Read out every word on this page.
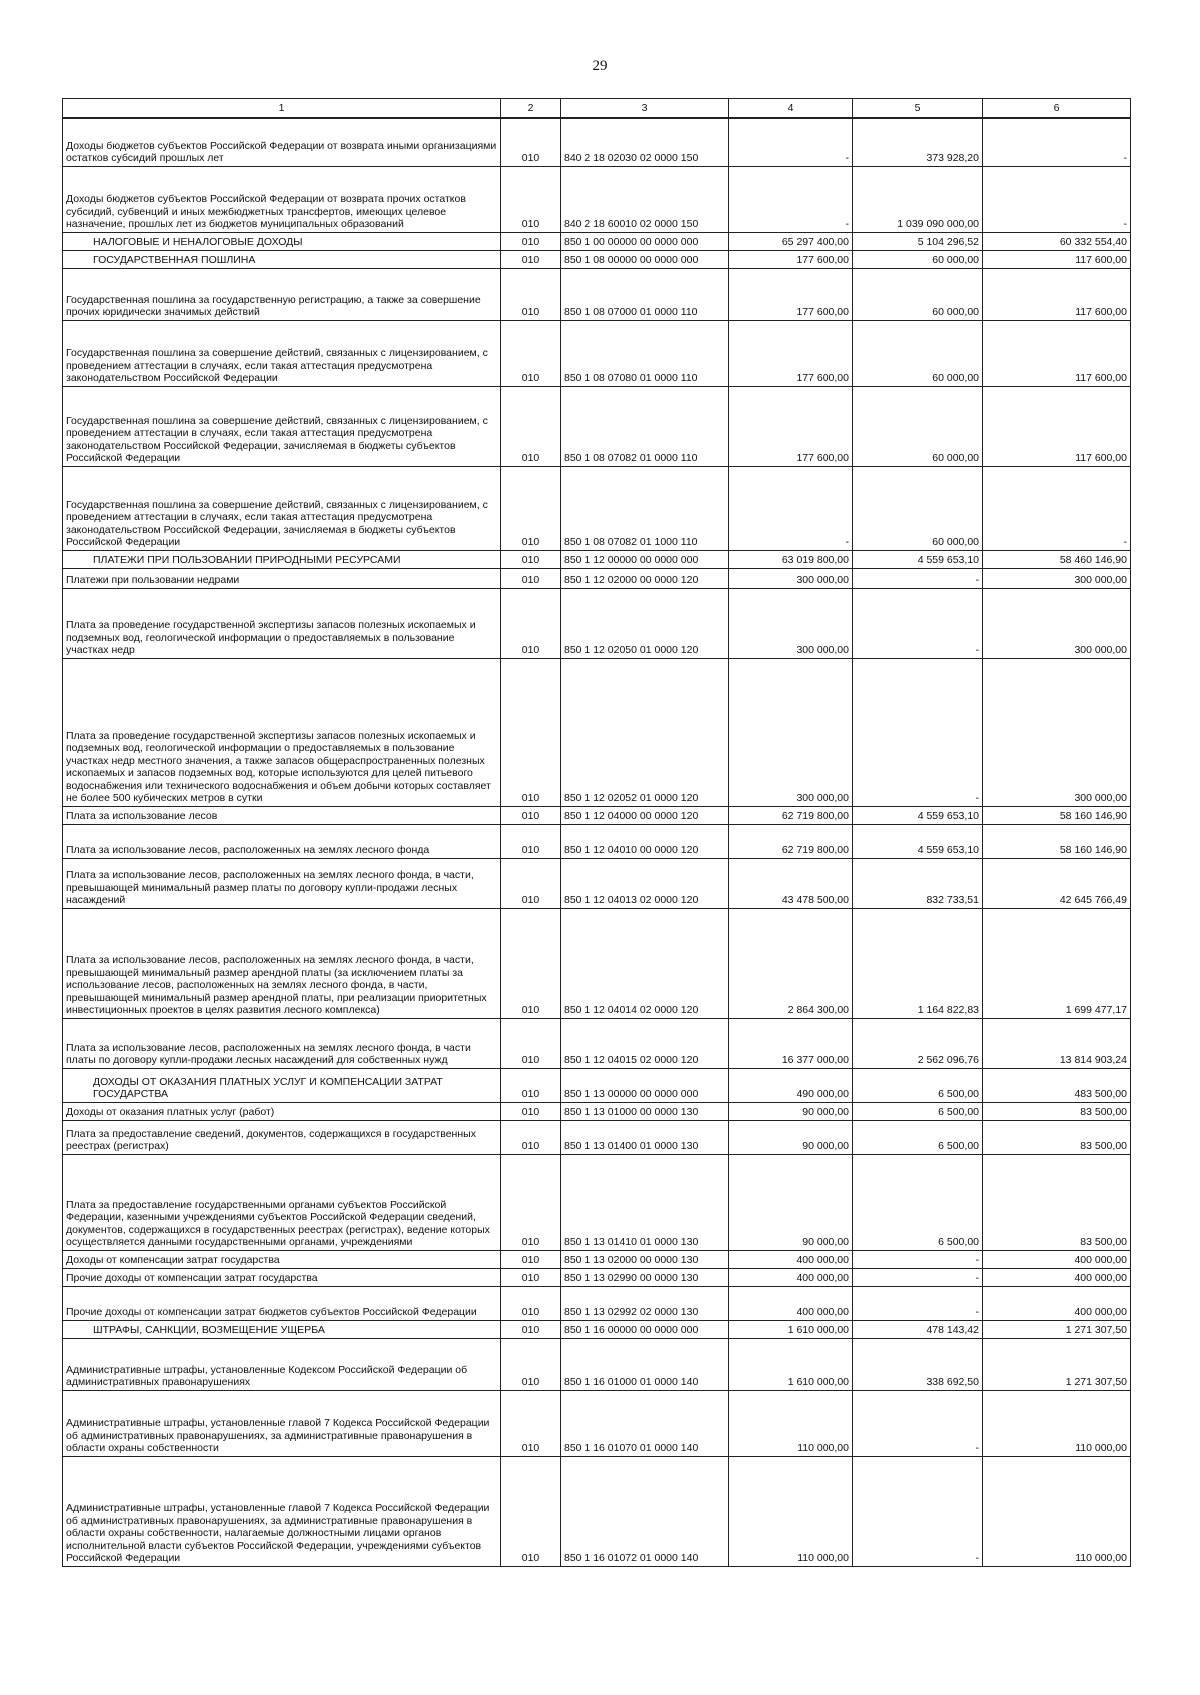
29
1	2	3	4	5	6
Доходы бюджетов субъектов Российской Федерации от возврата иными организациями остатков субсидий прошлых лет	010	840 2 18 02030 02 0000 150	-	373 928,20	-
Доходы бюджетов субъектов Российской Федерации от возврата прочих остатков субсидий, субвенций и иных межбюджетных трансфертов, имеющих целевое назначение, прошлых лет из бюджетов муниципальных образований	010	840 2 18 60010 02 0000 150	-	1 039 090 000,00	-
НАЛОГОВЫЕ И НЕНАЛОГОВЫЕ ДОХОДЫ	010	850 1 00 00000 00 0000 000	65 297 400,00	5 104 296,52	60 332 554,40
ГОСУДАРСТВЕННАЯ ПОШЛИНА	010	850 1 08 00000 00 0000 000	177 600,00	60 000,00	117 600,00
Государственная пошлина за государственную регистрацию, а также за совершение прочих юридически значимых действий	010	850 1 08 07000 01 0000 110	177 600,00	60 000,00	117 600,00
Государственная пошлина за совершение действий, связанных с лицензированием, с проведением аттестации в случаях, если такая аттестация предусмотрена законодательством Российской Федерации	010	850 1 08 07080 01 0000 110	177 600,00	60 000,00	117 600,00
Государственная пошлина за совершение действий, связанных с лицензированием, с проведением аттестации в случаях, если такая аттестация предусмотрена законодательством Российской Федерации, зачисляемая в бюджеты субъектов Российской Федерации	010	850 1 08 07082 01 0000 110	177 600,00	60 000,00	117 600,00
Государственная пошлина за совершение действий, связанных с лицензированием, с проведением аттестации в случаях, если такая аттестация предусмотрена законодательством Российской Федерации, зачисляемая в бюджеты субъектов Российской Федерации	010	850 1 08 07082 01 1000 110	-	60 000,00	-
ПЛАТЕЖИ ПРИ ПОЛЬЗОВАНИИ ПРИРОДНЫМИ РЕСУРСАМИ	010	850 1 12 00000 00 0000 000	63 019 800,00	4 559 653,10	58 460 146,90
Платежи при пользовании недрами	010	850 1 12 02000 00 0000 120	300 000,00	-	300 000,00
Плата за проведение государственной экспертизы запасов полезных ископаемых и подземных вод, геологической информации о предоставляемых в пользование участках недр	010	850 1 12 02050 01 0000 120	300 000,00	-	300 000,00
Плата за проведение государственной экспертизы запасов полезных ископаемых и подземных вод, геологической информации о предоставляемых в пользование участках недр местного значения, а также запасов общераспространенных полезных ископаемых и запасов подземных вод, которые используются для целей питьевого водоснабжения или технического водоснабжения и объем добычи которых составляет не более 500 кубических метров в сутки	010	850 1 12 02052 01 0000 120	300 000,00	-	300 000,00
Плата за использование лесов	010	850 1 12 04000 00 0000 120	62 719 800,00	4 559 653,10	58 160 146,90
Плата за использование лесов, расположенных на землях лесного фонда	010	850 1 12 04010 00 0000 120	62 719 800,00	4 559 653,10	58 160 146,90
Плата за использование лесов, расположенных на землях лесного фонда, в части, превышающей минимальный размер платы по договору купли-продажи лесных насаждений	010	850 1 12 04013 02 0000 120	43 478 500,00	832 733,51	42 645 766,49
Плата за использование лесов, расположенных на землях лесного фонда, в части, превышающей минимальный размер арендной платы (за исключением платы за использование лесов, расположенных на землях лесного фонда, в части, превышающей минимальный размер арендной платы, при реализации приоритетных инвестиционных проектов в целях развития лесного комплекса)	010	850 1 12 04014 02 0000 120	2 864 300,00	1 164 822,83	1 699 477,17
Плата за использование лесов, расположенных на землях лесного фонда, в части платы по договору купли-продажи лесных насаждений для собственных нужд	010	850 1 12 04015 02 0000 120	16 377 000,00	2 562 096,76	13 814 903,24
ДОХОДЫ ОТ ОКАЗАНИЯ ПЛАТНЫХ УСЛУГ И КОМПЕНСАЦИИ ЗАТРАТ ГОСУДАРСТВА	010	850 1 13 00000 00 0000 000	490 000,00	6 500,00	483 500,00
Доходы от оказания платных услуг (работ)	010	850 1 13 01000 00 0000 130	90 000,00	6 500,00	83 500,00
Плата за предоставление сведений, документов, содержащихся в государственных реестрах (регистрах)	010	850 1 13 01400 01 0000 130	90 000,00	6 500,00	83 500,00
Плата за предоставление государственными органами субъектов Российской Федерации, казенными учреждениями субъектов Российской Федерации сведений, документов, содержащихся в государственных реестрах (регистрах), ведение которых осуществляется данными государственными органами, учреждениями	010	850 1 13 01410 01 0000 130	90 000,00	6 500,00	83 500,00
Доходы от компенсации затрат государства	010	850 1 13 02000 00 0000 130	400 000,00	-	400 000,00
Прочие доходы от компенсации затрат государства	010	850 1 13 02990 00 0000 130	400 000,00	-	400 000,00
Прочие доходы от компенсации затрат бюджетов субъектов Российской Федерации	010	850 1 13 02992 02 0000 130	400 000,00	-	400 000,00
ШТРАФЫ, САНКЦИИ, ВОЗМЕЩЕНИЕ УЩЕРБА	010	850 1 16 00000 00 0000 000	1 610 000,00	478 143,42	1 271 307,50
Административные штрафы, установленные Кодексом Российской Федерации об административных правонарушениях	010	850 1 16 01000 01 0000 140	1 610 000,00	338 692,50	1 271 307,50
Административные штрафы, установленные главой 7 Кодекса Российской Федерации об административных правонарушениях, за административные правонарушения в области охраны собственности	010	850 1 16 01070 01 0000 140	110 000,00	-	110 000,00
Административные штрафы, установленные главой 7 Кодекса Российской Федерации об административных правонарушениях, за административные правонарушения в области охраны собственности, налагаемые должностными лицами органов исполнительной власти субъектов Российской Федерации, учреждениями субъектов Российской Федерации	010	850 1 16 01072 01 0000 140	110 000,00	-	110 000,00
